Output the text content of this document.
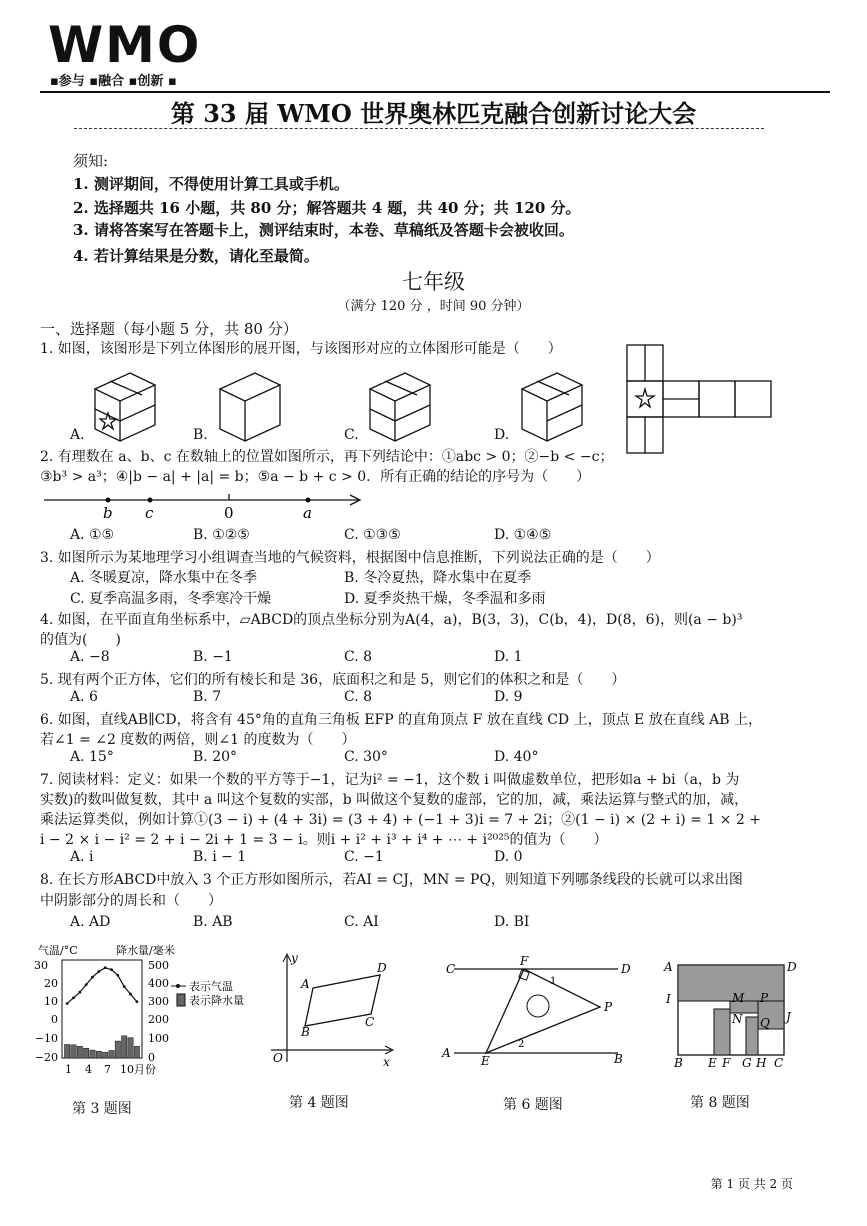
WMO
▪参与 ▪融合 ▪创新 ▪
第 33 届 WMO 世界奥林匹克融合创新讨论大会
须知:
1. 测评期间，不得使用计算工具或手机。
2. 选择题共 16 小题，共 80 分；解答题共 4 题，共 40 分；共 120 分。
3. 请将答案写在答题卡上，测评结束时，本卷、草稿纸及答题卡会被收回。
4. 若计算结果是分数，请化至最简。
七年级
（满分 120 分 ，时间 90 分钟）
一、选择题（每小题 5 分，共 80 分）
1. 如图，该图形是下列立体图形的展开图，与该图形对应的立体图形可能是（　　）
A.	B.	C.	D.
2. 有理数在 a、b、c 在数轴上的位置如图所示，再下列结论中：①abc > 0；②−b < −c；
③b³ > a³；④|b − a| + |a| = b；⑤a − b + c > 0．所有正确的结论的序号为（　　）
b c	0	a
A. ①⑤	B. ①②⑤	C. ①③⑤	D. ①④⑤
3. 如图所示为某地理学习小组调查当地的气候资料，根据图中信息推断，下列说法正确的是（　　）
A. 冬暖夏凉，降水集中在冬季	B. 冬冷夏热，降水集中在夏季
C. 夏季高温多雨，冬季寒冷干燥	D. 夏季炎热干燥，冬季温和多雨
4. 如图，在平面直角坐标系中，▱ABCD的顶点坐标分别为A(4，a)，B(3，3)，C(b，4)，D(8，6)，则(a − b)³
的值为(　　)
A. −8	B. −1	C. 8	D. 1
5. 现有两个正方体，它们的所有棱长和是 36，底面积之和是 5，则它们的体积之和是（　　）
A. 6	B. 7	C. 8	D. 9
6. 如图，直线AB∥CD，将含有 45°角的直角三角板 EFP 的直角顶点 F 放在直线 CD 上，顶点 E 放在直线 AB 上，
若∠1 = ∠2 度数的两倍，则∠1 的度数为（　　）
A. 15°	B. 20°	C. 30°	D. 40°
7. 阅读材料：定义：如果一个数的平方等于−1，记为i² = −1，这个数 i 叫做虚数单位，把形如a + bi（a，b 为
实数)的数叫做复数，其中 a 叫这个复数的实部，b 叫做这个复数的虚部，它的加，减，乘法运算与整式的加，减，
乘法运算类似，例如计算①(3 − i) + (4 + 3i) = (3 + 4) + (−1 + 3)i = 7 + 2i；②(1 − i) × (2 + i) = 1 × 2 +
i − 2 × i − i² = 2 + i − 2i + 1 = 3 − i。则i + i² + i³ + i⁴ + ⋯ + i²⁰²⁵的值为（　　）
A. i	B. i − 1	C. −1	D. 0
8. 在长方形ABCD中放入 3 个正方形如图所示，若AI = CJ，MN = PQ，则知道下列哪条线段的长就可以求出图
中阴影部分的周长和（　　）
A. AD	B. AB	C. AI	D. BI
气温/°C	降水量/毫米
30
20
10
0
−10
−20
500
400
300
200
100
0
1 4 7 10月份
表示气温
表示降水量
第 3 题图
y
x
O
A
B
C
D
第 4 题图
C
F
D
1
P
A
E
2
B
第 6 题图
A	D
I	M P
J
N Q
B E F G H C
第 8 题图
第 1 页 共 2 页
